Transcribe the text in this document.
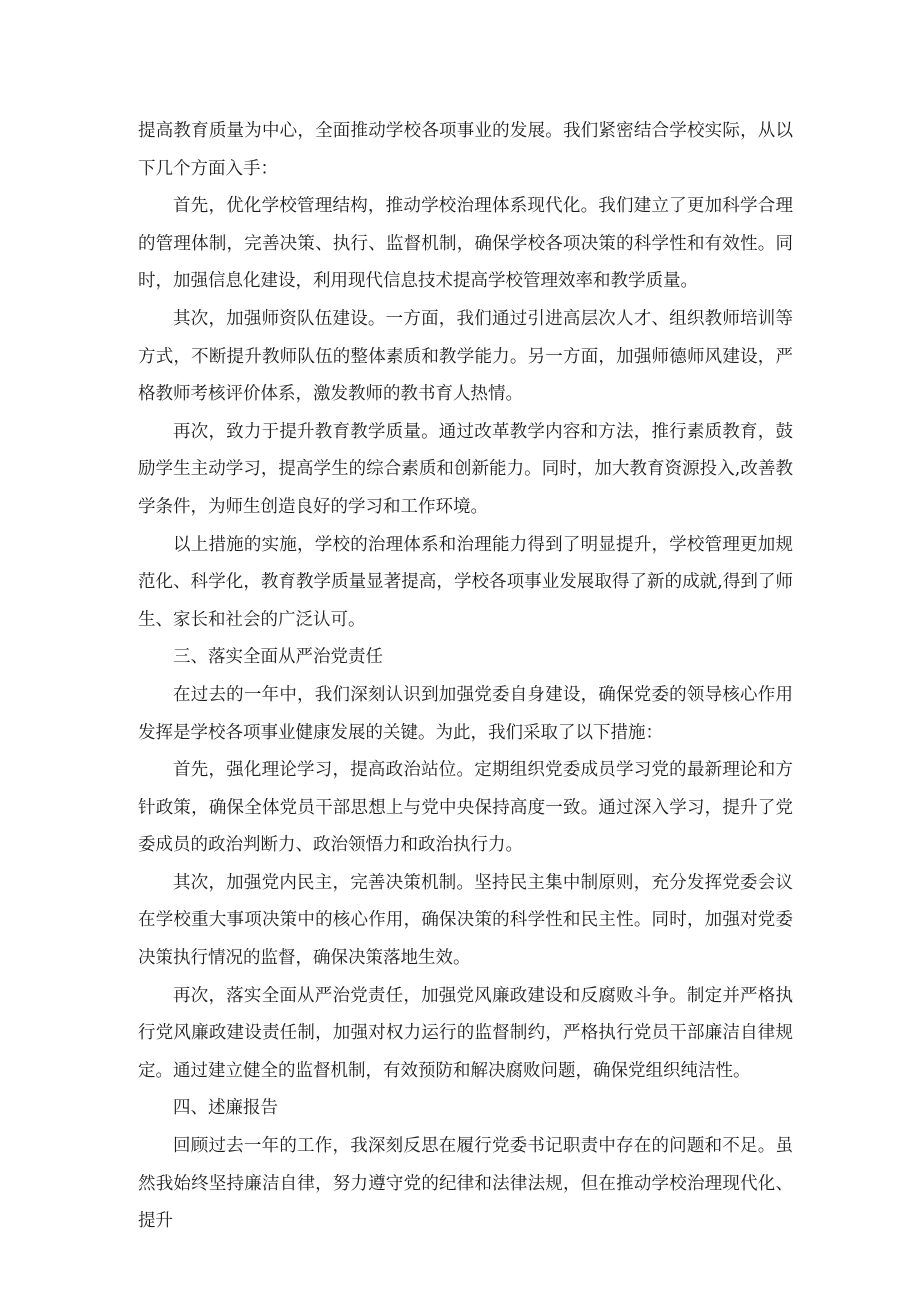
提高教育质量为中心，全面推动学校各项事业的发展。我们紧密结合学校实际，从以下几个方面入手：

首先，优化学校管理结构，推动学校治理体系现代化。我们建立了更加科学合理的管理体制，完善决策、执行、监督机制，确保学校各项决策的科学性和有效性。同时，加强信息化建设，利用现代信息技术提高学校管理效率和教学质量。

其次，加强师资队伍建设。一方面，我们通过引进高层次人才、组织教师培训等方式，不断提升教师队伍的整体素质和教学能力。另一方面，加强师德师风建设，严格教师考核评价体系，激发教师的教书育人热情。

再次，致力于提升教育教学质量。通过改革教学内容和方法，推行素质教育，鼓励学生主动学习，提高学生的综合素质和创新能力。同时，加大教育资源投入,改善教学条件，为师生创造良好的学习和工作环境。

以上措施的实施，学校的治理体系和治理能力得到了明显提升，学校管理更加规范化、科学化，教育教学质量显著提高，学校各项事业发展取得了新的成就,得到了师生、家长和社会的广泛认可。

三、落实全面从严治党责任

在过去的一年中，我们深刻认识到加强党委自身建设，确保党委的领导核心作用发挥是学校各项事业健康发展的关键。为此，我们采取了以下措施：

首先，强化理论学习，提高政治站位。定期组织党委成员学习党的最新理论和方针政策，确保全体党员干部思想上与党中央保持高度一致。通过深入学习，提升了党委成员的政治判断力、政治领悟力和政治执行力。

其次，加强党内民主，完善决策机制。坚持民主集中制原则，充分发挥党委会议在学校重大事项决策中的核心作用，确保决策的科学性和民主性。同时，加强对党委决策执行情况的监督，确保决策落地生效。

再次，落实全面从严治党责任，加强党风廉政建设和反腐败斗争。制定并严格执行党风廉政建设责任制，加强对权力运行的监督制约，严格执行党员干部廉洁自律规定。通过建立健全的监督机制，有效预防和解决腐败问题，确保党组织纯洁性。

四、述廉报告

回顾过去一年的工作，我深刻反思在履行党委书记职责中存在的问题和不足。虽然我始终坚持廉洁自律，努力遵守党的纪律和法律法规，但在推动学校治理现代化、提升
